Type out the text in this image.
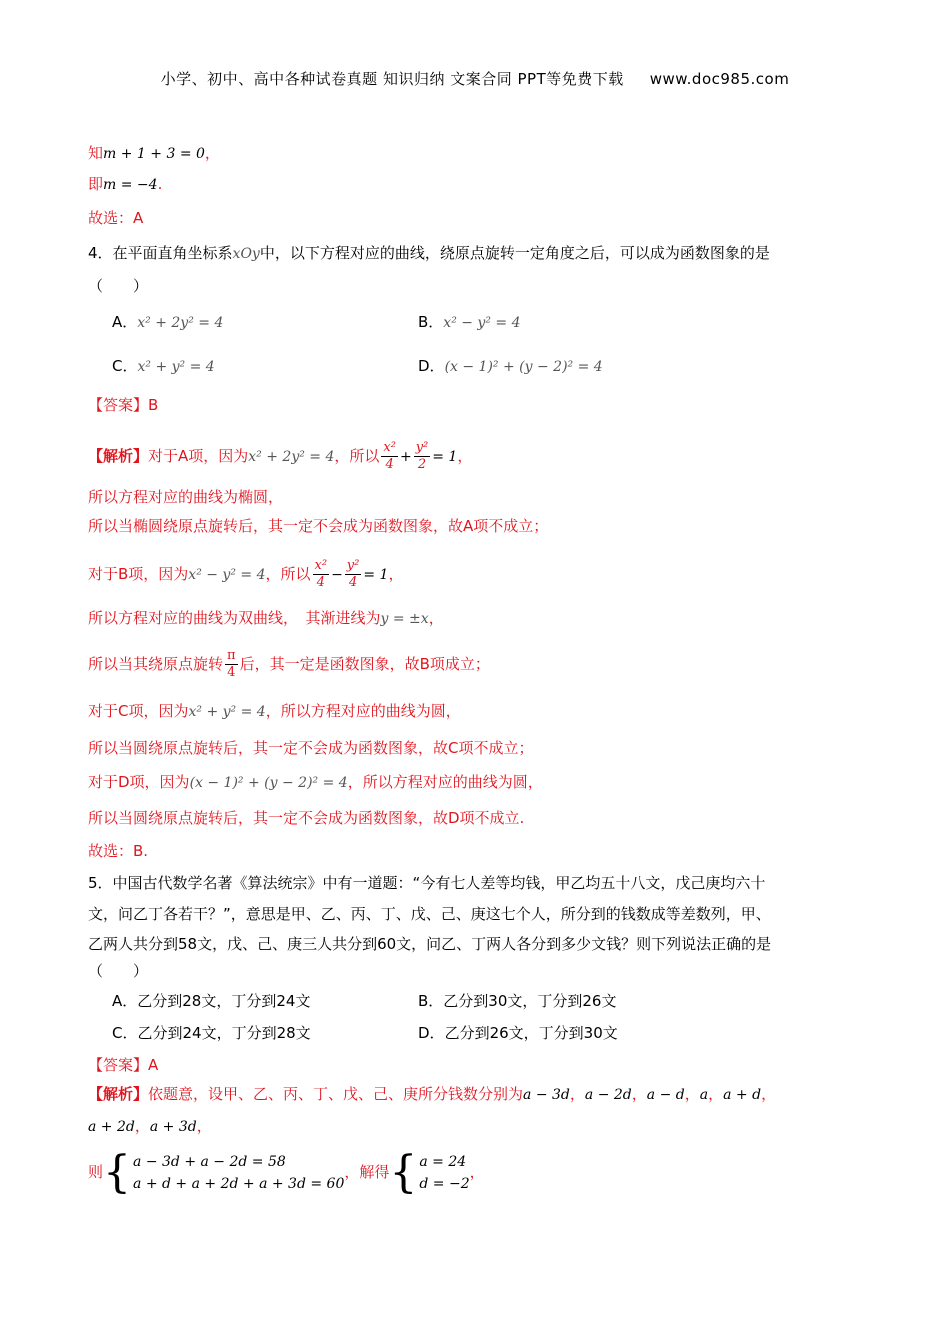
小学、初中、高中各种试卷真题 知识归纳 文案合同 PPT等免费下载 www.doc985.com
知m + 1 + 3 = 0，
即m = −4.
故选：A
4．在平面直角坐标系xOy中，以下方程对应的曲线，绕原点旋转一定角度之后，可以成为函数图象的是
（　　）
A．x² + 2y² = 4	B．x² − y² = 4
C．x² + y² = 4	D．(x − 1)² + (y − 2)² = 4
【答案】B
【解析】对于A项，因为x² + 2y² = 4，所以 $\frac{\text{x²}}{4} + \frac{\text{y²}}{2} = 1$，
所以方程对应的曲线为椭圆，
所以当椭圆绕原点旋转后，其一定不会成为函数图象，故A项不成立；
对于B项，因为x² − y² = 4，所以 $\frac{\text{x²}}{4} - \frac{\text{y²}}{4} = 1$，
所以方程对应的曲线为双曲线，　其渐进线为y = ±x，
所以当其绕原点旋转 $\frac{\pi}{4}$ 后，其一定是函数图象，故B项成立；
对于C项，因为x² + y² = 4，所以方程对应的曲线为圆，
所以当圆绕原点旋转后，其一定不会成为函数图象，故C项不成立；
对于D项，因为(x − 1)² + (y − 2)² = 4，所以方程对应的曲线为圆，
所以当圆绕原点旋转后，其一定不会成为函数图象，故D项不成立.
故选：B.
5．中国古代数学名著《算法统宗》中有一道题：“今有七人差等均钱，甲乙均五十八文，戊己庚均六十
文，问乙丁各若干？”，意思是甲、乙、丙、丁、戊、己、庚这七个人，所分到的钱数成等差数列，甲、
乙两人共分到58文，戊、己、庚三人共分到60文，问乙、丁两人各分到多少文钱？则下列说法正确的是
（　　）
A．乙分到28文，丁分到24文	B．乙分到30文，丁分到26文
C．乙分到24文，丁分到28文	D．乙分到26文，丁分到30文
【答案】A
【解析】依题意，设甲、乙、丙、丁、戊、己、庚所分钱数分别为a − 3d，a − 2d，a − d，a，a + d，
a + 2d，a + 3d，
则 { a − 3d + a − 2d = 58
a + d + a + 2d + a + 3d = 60
，解得 { a = 24
d = −2
，
